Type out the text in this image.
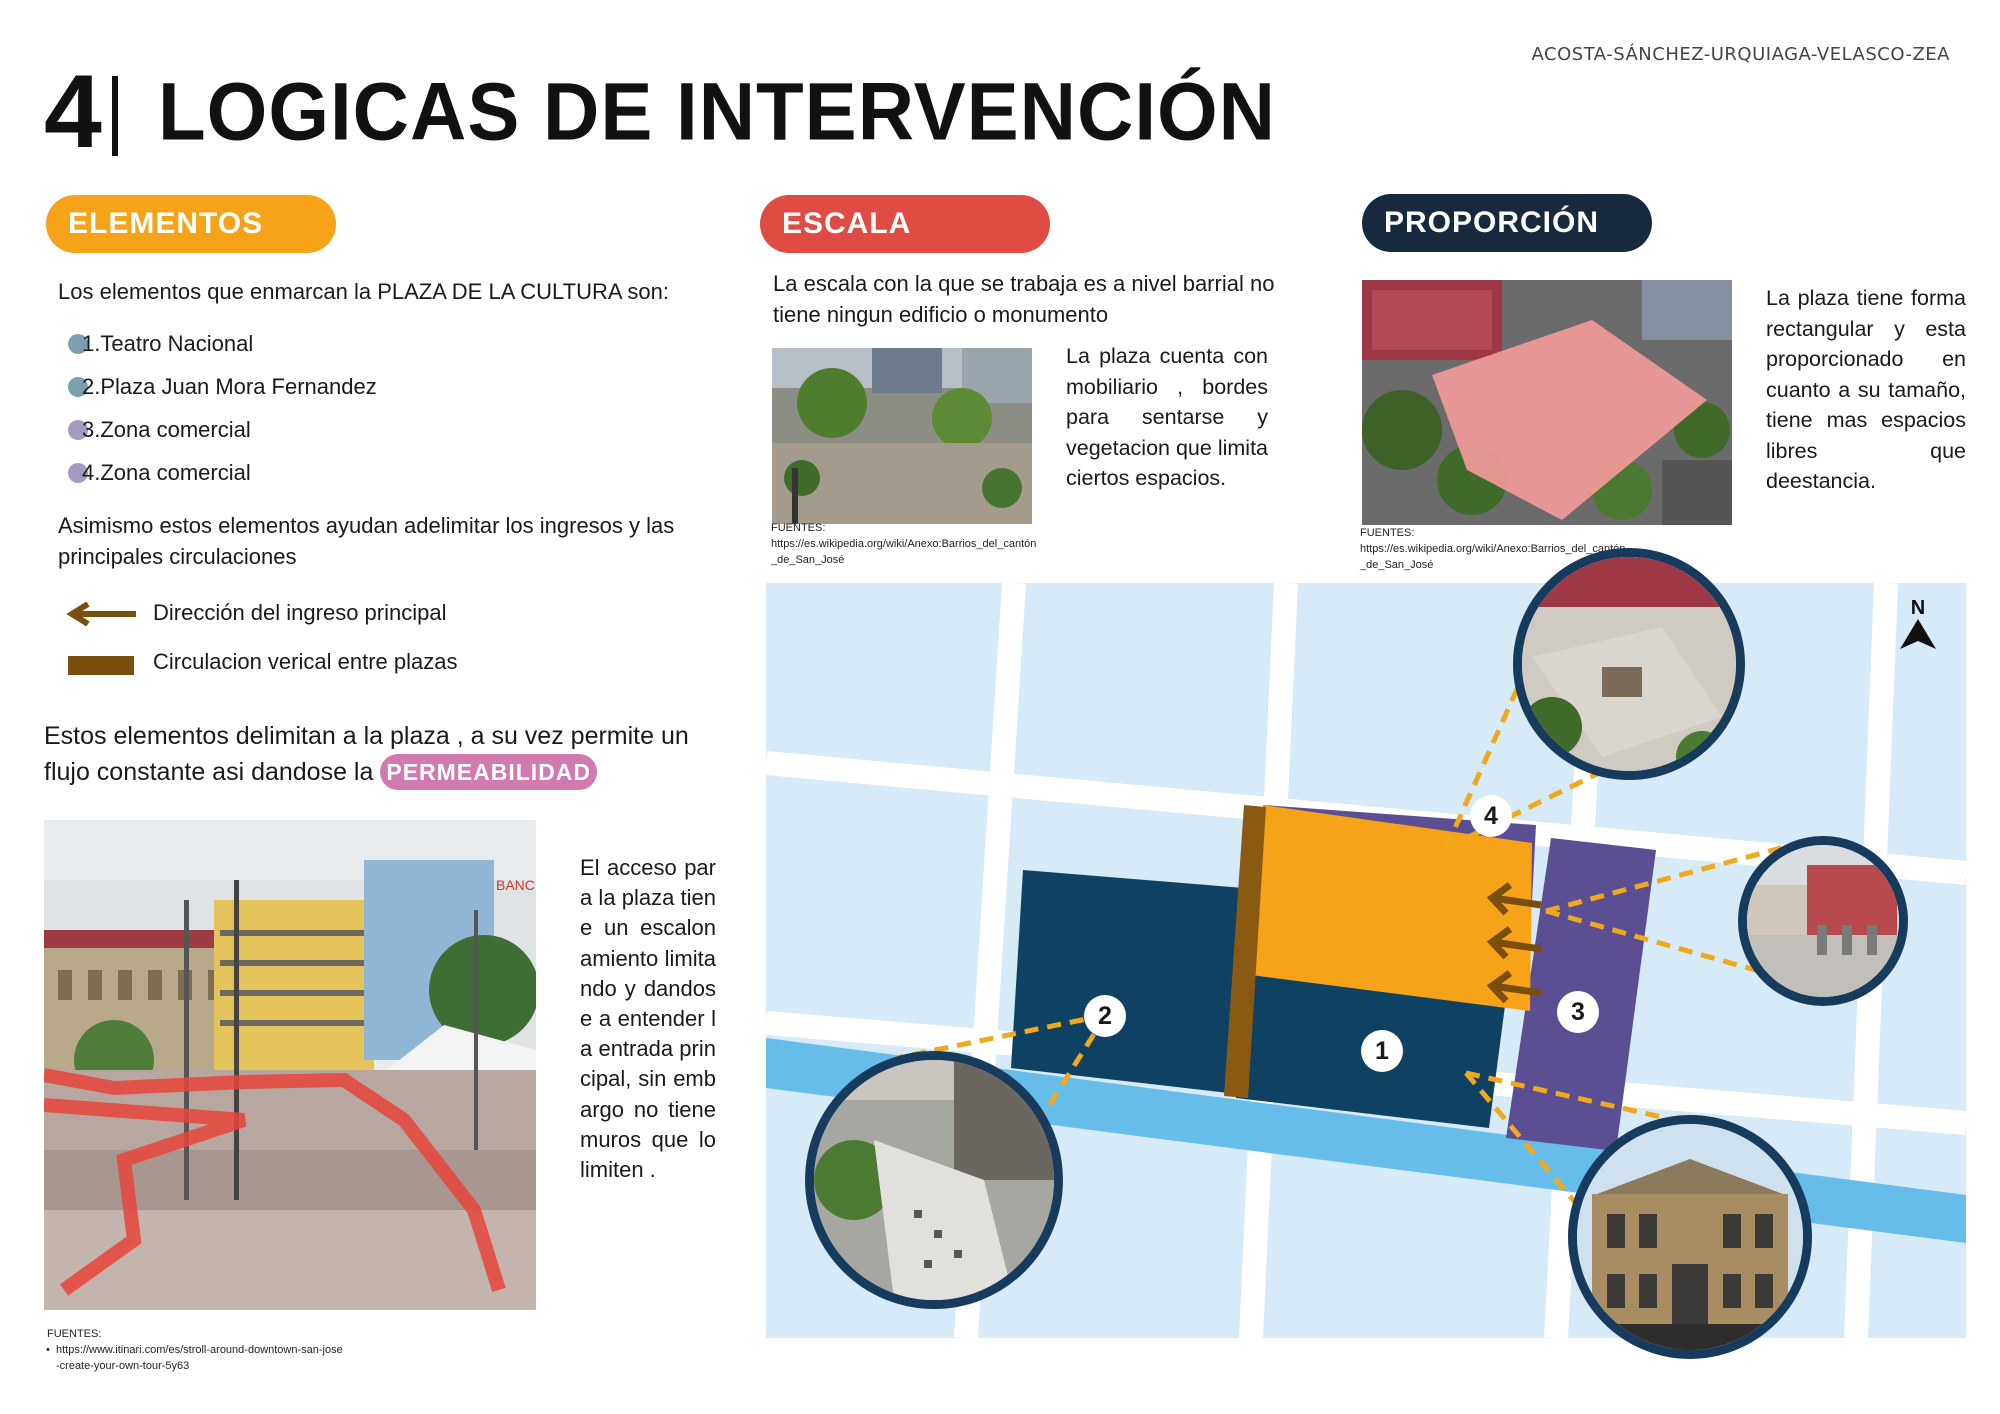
ACOSTA-SÁNCHEZ-URQUIAGA-VELASCO-ZEA
4 LOGICAS DE INTERVENCIÓN
ELEMENTOS
Los elementos que enmarcan la PLAZA DE LA CULTURA son:
1. Teatro Nacional
2. Plaza Juan Mora Fernandez
3. Zona comercial
4. Zona comercial
Asimismo estos elementos ayudan adelimitar los ingresos y las principales circulaciones
Dirección del ingreso principal
Circulacion verical entre plazas
Estos elementos delimitan a la plaza , a su vez permite un flujo constante asi dandose la PERMEABILIDAD
BANC
El acceso para la plaza tiene un escalonamiento limitando y dandose a entender la entrada principal, sin embargo no tiene muros que lo limiten .
FUENTES:
• https://www.itinari.com/es/stroll-around-downtown-san-jose-create-your-own-tour-5y63
ESCALA
La escala con la que se trabaja es a nivel barrial no tiene ningun edificio o monumento
La plaza cuenta con mobiliario , bordes para sentarse y vegetacion que limita ciertos espacios.
FUENTES:
https://es.wikipedia.org/wiki/Anexo:Barrios_del_cantón_de_San_José
PROPORCIÓN
La plaza tiene forma rectangular y esta proporcionado en cuanto a su tamaño, tiene mas espacios libres que deestancia.
FUENTES:
https://es.wikipedia.org/wiki/Anexo:Barrios_del_cantón_de_San_José
N
4
3
2
1
